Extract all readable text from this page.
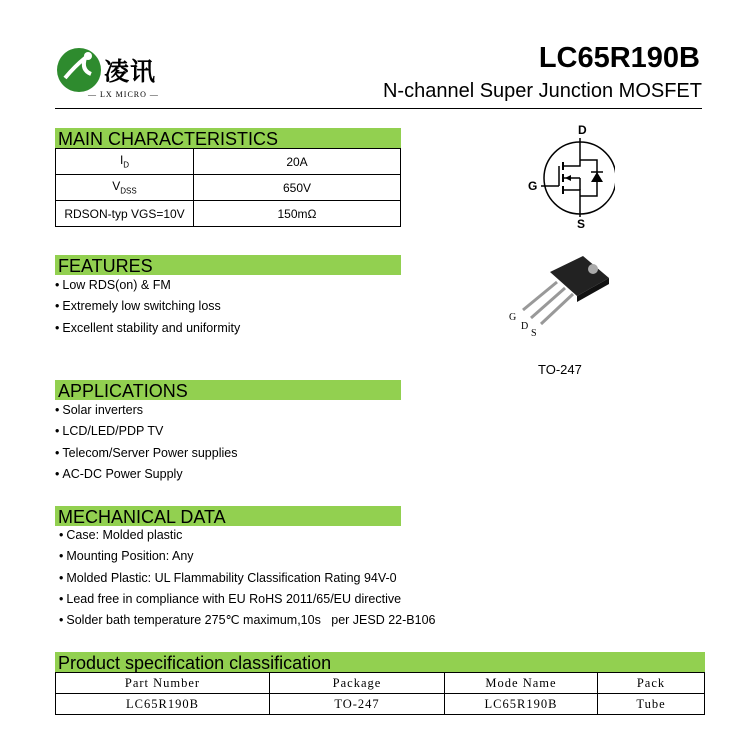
凌讯
— LX MICRO —
LC65R190B
N-channel Super Junction MOSFET
MAIN CHARACTERISTICS
$I_D$	20A
$V_{DSS}$	650V
RDSON-typ VGS=10V	150mΩ
D
G
S
G
D
S
TO-247
FEATURES
• Low RDS(on) & FM
• Extremely low switching loss
• Excellent stability and uniformity
APPLICATIONS
• Solar inverters
• LCD/LED/PDP TV
• Telecom/Server Power supplies
• AC-DC Power Supply
MECHANICAL DATA
• Case: Molded plastic
• Mounting Position: Any
• Molded Plastic: UL Flammability Classification Rating 94V-0
• Lead free in compliance with EU RoHS 2011/65/EU directive
• Solder bath temperature 275℃ maximum,10s   per JESD 22-B106
Product specification classification
Part Number	Package	Mode Name	Pack
LC65R190B	TO-247	LC65R190B	Tube
